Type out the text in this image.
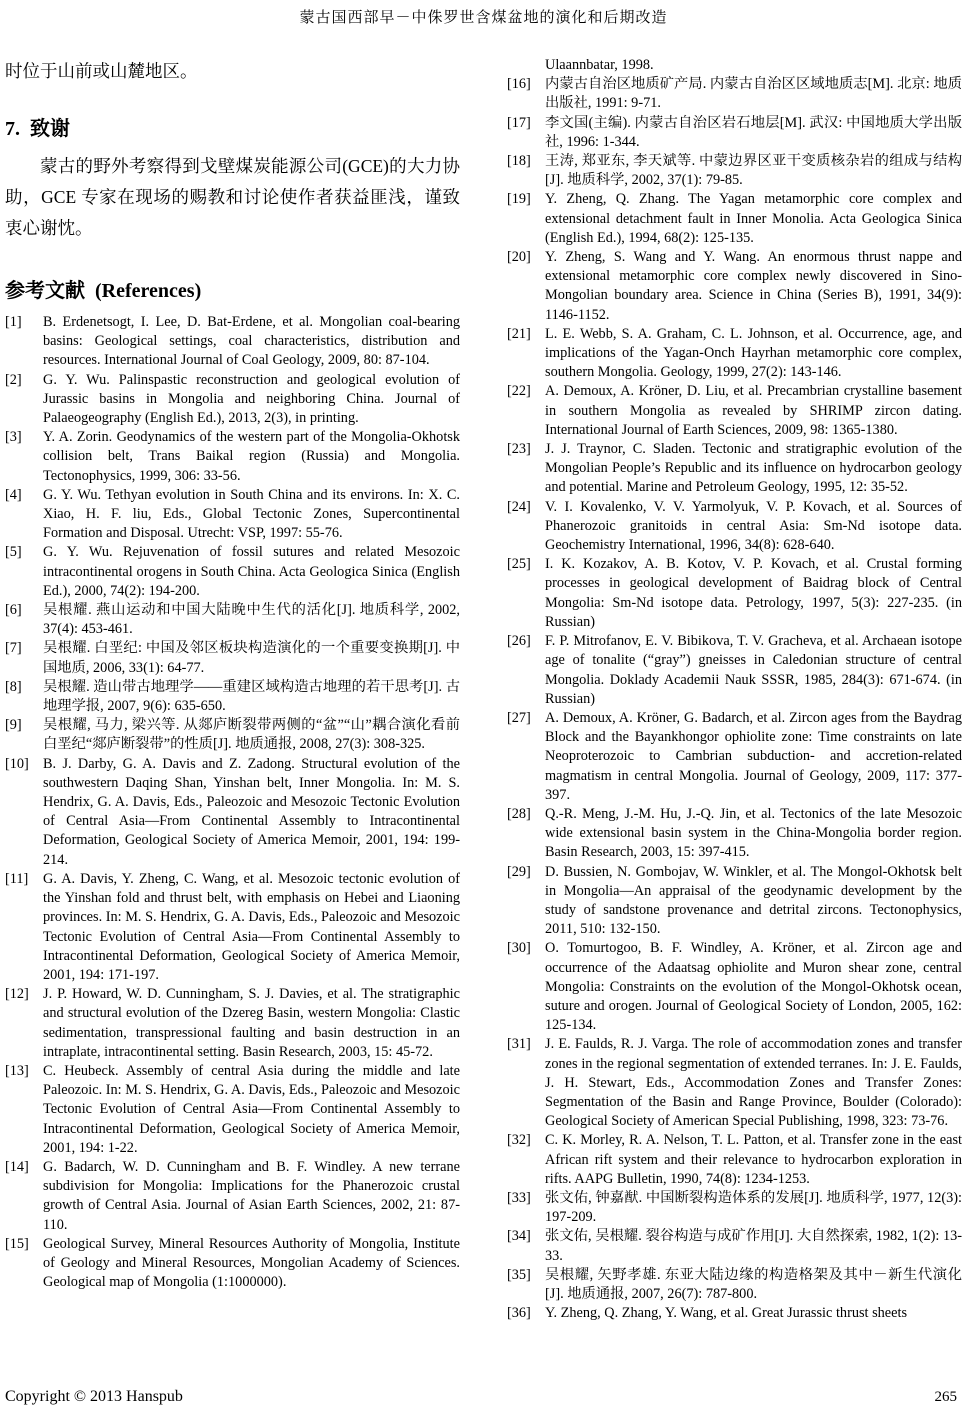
蒙古国西部早－中侏罗世含煤盆地的演化和后期改造
时位于山前或山麓地区。
7.  致谢
蒙古的野外考察得到戈壁煤炭能源公司(GCE)的大力协助，GCE 专家在现场的赐教和讨论使作者获益匪浅，谨致衷心谢忱。
参考文献  (References)
[1]	B. Erdenetsogt, I. Lee, D. Bat-Erdene, et al. Mongolian coal-bearing basins: Geological settings, coal characteristics, distribution and resources. International Journal of Coal Geology, 2009, 80: 87-104.
[2]	G. Y. Wu. Palinspastic reconstruction and geological evolution of Jurassic basins in Mongolia and neighboring China. Journal of Palaeogeography (English Ed.), 2013, 2(3), in printing.
[3]	Y. A. Zorin. Geodynamics of the western part of the Mongolia-Okhotsk collision belt, Trans Baikal region (Russia) and Mongolia. Tectonophysics, 1999, 306: 33-56.
[4]	G. Y. Wu. Tethyan evolution in South China and its environs. In: X. C. Xiao, H. F. liu, Eds., Global Tectonic Zones, Supercontinental Formation and Disposal. Utrecht: VSP, 1997: 55-76.
[5]	G. Y. Wu. Rejuvenation of fossil sutures and related Mesozoic intracontinental orogens in South China. Acta Geologica Sinica (English Ed.), 2000, 74(2): 194-200.
[6]	吴根耀. 燕山运动和中国大陆晚中生代的活化[J]. 地质科学, 2002, 37(4): 453-461.
[7]	吴根耀. 白垩纪: 中国及邻区板块构造演化的一个重要变换期[J]. 中国地质, 2006, 33(1): 64-77.
[8]	吴根耀. 造山带古地理学——重建区域构造古地理的若干思考[J]. 古地理学报, 2007, 9(6): 635-650.
[9]	吴根耀, 马力, 梁兴等. 从郯庐断裂带两侧的“盆”“山”耦合演化看前白垩纪“郯庐断裂带”的性质[J]. 地质通报, 2008, 27(3): 308-325.
[10] B. J. Darby, G. A. Davis and Z. Zadong. Structural evolution of the southwestern Daqing Shan, Yinshan belt, Inner Mongolia. In: M. S. Hendrix, G. A. Davis, Eds., Paleozoic and Mesozoic Tectonic Evolution of Central Asia—From Continental Assembly to Intracontinental Deformation, Geological Society of America Memoir, 2001, 194: 199-214.
[11]	G. A. Davis, Y. Zheng, C. Wang, et al. Mesozoic tectonic evolution of the Yinshan fold and thrust belt, with emphasis on Hebei and Liaoning provinces. In: M. S. Hendrix, G. A. Davis, Eds., Paleozoic and Mesozoic Tectonic Evolution of Central Asia—From Continental Assembly to Intracontinental Deformation, Geological Society of America Memoir, 2001, 194: 171-197.
[12] J. P. Howard, W. D. Cunningham, S. J. Davies, et al. The stratigraphic and structural evolution of the Dzereg Basin, western Mongolia: Clastic sedimentation, transpressional faulting and basin destruction in an intraplate, intracontinental setting. Basin Research, 2003, 15: 45-72.
[13] C. Heubeck. Assembly of central Asia during the middle and late Paleozoic. In: M. S. Hendrix, G. A. Davis, Eds., Paleozoic and Mesozoic Tectonic Evolution of Central Asia—From Continental Assembly to Intracontinental Deformation, Geological Society of America Memoir, 2001, 194: 1-22.
[14] G. Badarch, W. D. Cunningham and B. F. Windley. A new terrane subdivision for Mongolia: Implications for the Phanerozoic crustal growth of Central Asia. Journal of Asian Earth Sciences, 2002, 21: 87-110.
[15] Geological Survey, Mineral Resources Authority of Mongolia, Institute of Geology and Mineral Resources, Mongolian Academy of Sciences. Geological map of Mongolia (1:1000000).
Ulaannbatar, 1998.
[16] 内蒙古自治区地质矿产局. 内蒙古自治区区域地质志[M]. 北京: 地质出版社, 1991: 9-71.
[17] 李文国(主编). 内蒙古自治区岩石地层[M]. 武汉: 中国地质大学出版社, 1996: 1-344.
[18] 王涛, 郑亚东, 李天斌等. 中蒙边界区亚干变质核杂岩的组成与结构[J]. 地质科学, 2002, 37(1): 79-85.
[19] Y. Zheng, Q. Zhang. The Yagan metamorphic core complex and extensional detachment fault in Inner Monolia. Acta Geologica Sinica (English Ed.), 1994, 68(2): 125-135.
[20] Y. Zheng, S. Wang and Y. Wang. An enormous thrust nappe and extensional metamorphic core complex newly discovered in Sino-Mongolian boundary area. Science in China (Series B), 1991, 34(9): 1146-1152.
[21] L. E. Webb, S. A. Graham, C. L. Johnson, et al. Occurrence, age, and implications of the Yagan-Onch Hayrhan metamorphic core complex, southern Mongolia. Geology, 1999, 27(2): 143-146.
[22] A. Demoux, A. Kröner, D. Liu, et al. Precambrian crystalline basement in southern Mongolia as revealed by SHRIMP zircon dating. International Journal of Earth Sciences, 2009, 98: 1365-1380.
[23] J. J. Traynor, C. Sladen. Tectonic and stratigraphic evolution of the Mongolian People’s Republic and its influence on hydrocarbon geology and potential. Marine and Petroleum Geology, 1995, 12: 35-52.
[24] V. I. Kovalenko, V. V. Yarmolyuk, V. P. Kovach, et al. Sources of Phanerozoic granitoids in central Asia: Sm-Nd isotope data. Geochemistry International, 1996, 34(8): 628-640.
[25] I. K. Kozakov, A. B. Kotov, V. P. Kovach, et al. Crustal forming processes in geological development of Baidrag block of Central Mongolia: Sm-Nd isotope data. Petrology, 1997, 5(3): 227-235. (in Russian)
[26] F. P. Mitrofanov, E. V. Bibikova, T. V. Gracheva, et al. Archaean isotope age of tonalite (“gray”) gneisses in Caledonian structure of central Mongolia. Doklady Academii Nauk SSSR, 1985, 284(3): 671-674. (in Russian)
[27] A. Demoux, A. Kröner, G. Badarch, et al. Zircon ages from the Baydrag Block and the Bayankhongor ophiolite zone: Time constraints on late Neoproterozoic to Cambrian subduction- and accretion-related magmatism in central Mongolia. Journal of Geology, 2009, 117: 377-397.
[28] Q.-R. Meng, J.-M. Hu, J.-Q. Jin, et al. Tectonics of the late Mesozoic wide extensional basin system in the China-Mongolia border region. Basin Research, 2003, 15: 397-415.
[29] D. Bussien, N. Gombojav, W. Winkler, et al. The Mongol-Okhotsk belt in Mongolia—An appraisal of the geodynamic development by the study of sandstone provenance and detrital zircons. Tectonophysics, 2011, 510: 132-150.
[30] O. Tomurtogoo, B. F. Windley, A. Kröner, et al. Zircon age and occurrence of the Adaatsag ophiolite and Muron shear zone, central Mongolia: Constraints on the evolution of the Mongol-Okhotsk ocean, suture and orogen. Journal of Geological Society of London, 2005, 162: 125-134.
[31] J. E. Faulds, R. J. Varga. The role of accommodation zones and transfer zones in the regional segmentation of extended terranes. In: J. E. Faulds, J. H. Stewart, Eds., Accommodation Zones and Transfer Zones: Segmentation of the Basin and Range Province, Boulder (Colorado): Geological Society of American Special Publishing, 1998, 323: 73-76.
[32] C. K. Morley, R. A. Nelson, T. L. Patton, et al. Transfer zone in the east African rift system and their relevance to hydrocarbon exploration in rifts. AAPG Bulletin, 1990, 74(8): 1234-1253.
[33] 张文佑, 钟嘉猷. 中国断裂构造体系的发展[J]. 地质科学, 1977, 12(3): 197-209.
[34] 张文佑, 吴根耀. 裂谷构造与成矿作用[J]. 大自然探索, 1982, 1(2): 13-33.
[35] 吴根耀, 矢野孝雄. 东亚大陆边缘的构造格架及其中－新生代演化[J]. 地质通报, 2007, 26(7): 787-800.
[36] Y. Zheng, Q. Zhang, Y. Wang, et al. Great Jurassic thrust sheets
Copyright © 2013 Hanspub	265
